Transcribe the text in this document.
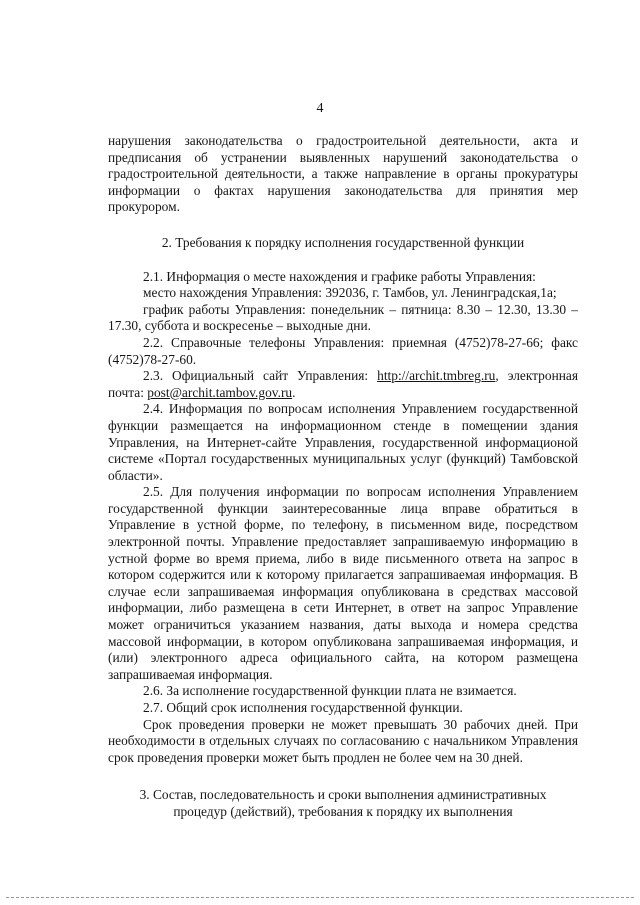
4

нарушения законодательства о градостроительной деятельности, акта и предписания об устранении выявленных нарушений законодательства о градостроительной деятельности, а также направление в органы прокуратуры информации о фактах нарушения законодательства для принятия мер прокурором.

2. Требования к порядку исполнения государственной функции

2.1. Информация о месте нахождения и графике работы Управления:

место нахождения Управления: 392036, г. Тамбов, ул. Ленинградская,1а;

график работы Управления: понедельник – пятница: 8.30 – 12.30, 13.30 – 17.30, суббота и воскресенье – выходные дни.

2.2. Справочные телефоны Управления: приемная (4752)78-27-66; факс (4752)78-27-60.

2.3. Официальный сайт Управления: http://archit.tmbreg.ru, электронная почта: post@archit.tambov.gov.ru.

2.4. Информация по вопросам исполнения Управлением государственной функции размещается на информационном стенде в помещении здания Управления, на Интернет-сайте Управления, государственной информационой системе «Портал государственных муниципальных услуг (функций) Тамбовской области».

2.5. Для получения информации по вопросам исполнения Управлением государственной функции заинтересованные лица вправе обратиться в Управление в устной форме, по телефону, в письменном виде, посредством электронной почты. Управление предоставляет запрашиваемую информацию в устной форме во время приема, либо в виде письменного ответа на запрос в котором содержится или к которому прилагается запрашиваемая информация. В случае если запрашиваемая информация опубликована в средствах массовой информации, либо размещена в сети Интернет, в ответ на запрос Управление может ограничиться указанием названия, даты выхода и номера средства массовой информации, в котором опубликована запрашиваемая информация, и (или) электронного адреса официального сайта, на котором размещена запрашиваемая информация.

2.6. За исполнение государственной функции плата не взимается.

2.7. Общий срок исполнения государственной функции.

Срок проведения проверки не может превышать 30 рабочих дней. При необходимости в отдельных случаях по согласованию с начальником Управления срок проведения проверки может быть продлен не более чем на 30 дней.

3. Состав, последовательность и сроки выполнения административных
процедур (действий), требования к порядку их выполнения
